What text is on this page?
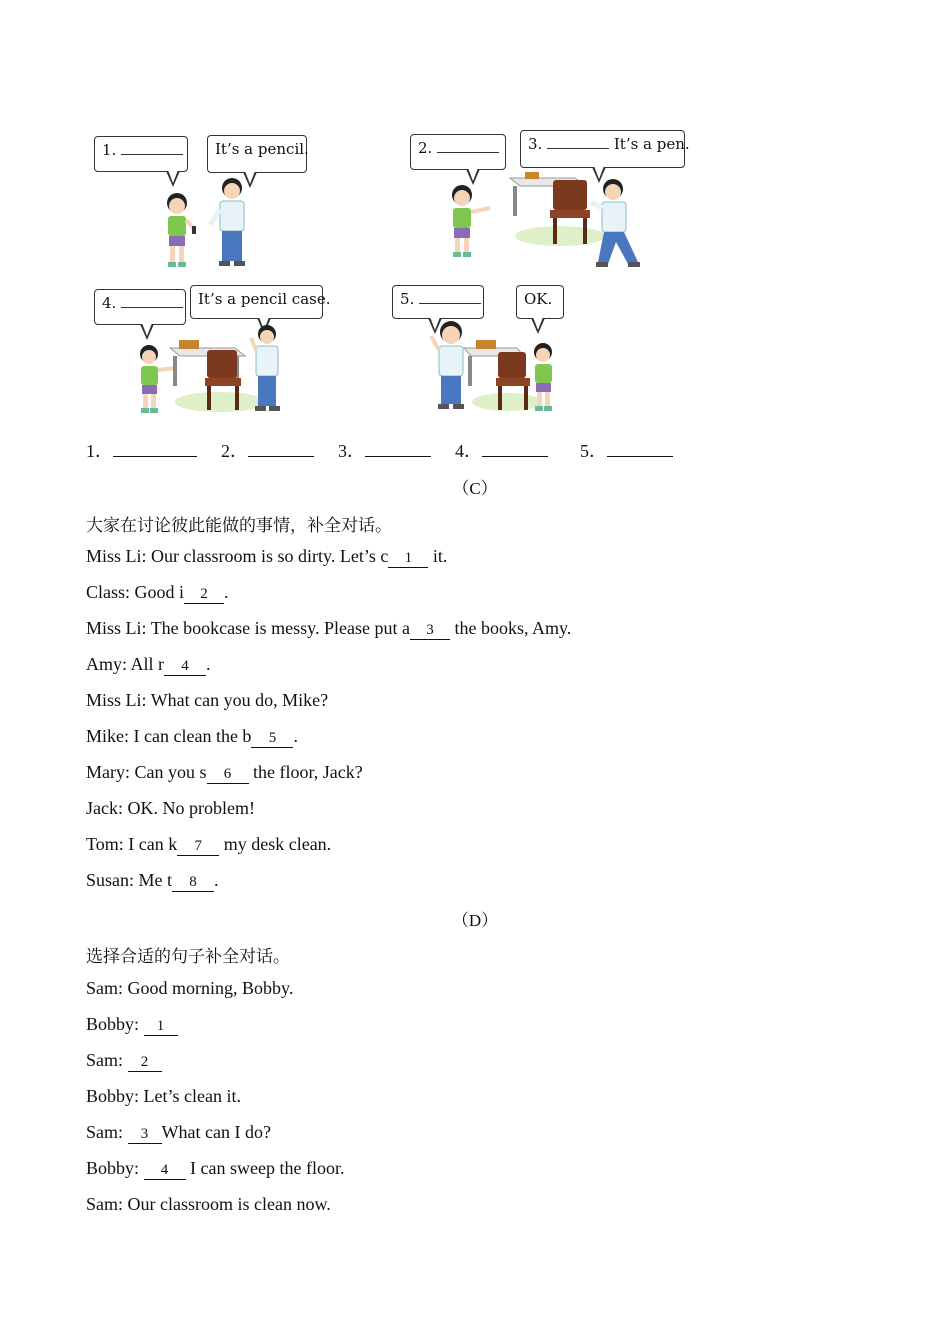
1.	It’s a pencil.	2.	3.	It’s a pen.
4.	It’s a pencil case.	5.	OK.
1．	2．	3．	4．	5．
（C）
大家在讨论彼此能做的事情，补全对话。
Miss Li: Our classroom is so dirty. Let’s c 1 it.
Class: Good i 2 .
Miss Li: The bookcase is messy. Please put a 3 the books, Amy.
Amy: All r 4 .
Miss Li: What can you do, Mike?
Mike: I can clean the b 5 .
Mary: Can you s 6 the floor, Jack?
Jack: OK. No problem!
Tom: I can k 7 my desk clean.
Susan: Me t 8 .
（D）
选择合适的句子补全对话。
Sam: Good morning, Bobby.
Bobby: 1
Sam: 2
Bobby: Let’s clean it.
Sam: 3 What can I do?
Bobby: 4 I can sweep the floor.
Sam: Our classroom is clean now.
